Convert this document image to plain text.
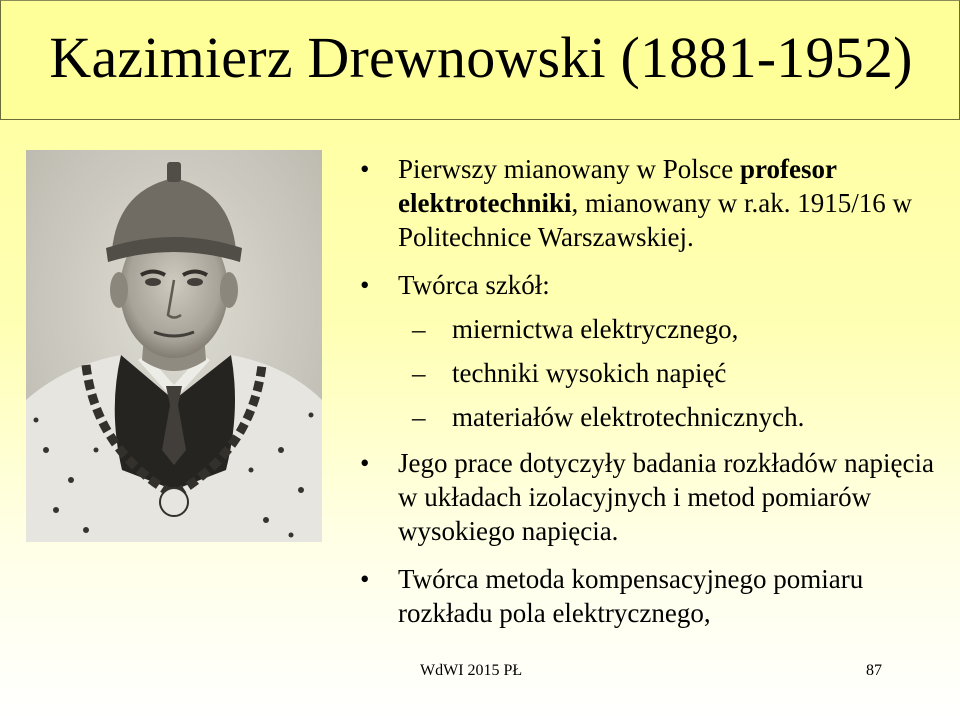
Kazimierz Drewnowski (1881-1952)
• Pierwszy mianowany w Polsce profesor elektrotechniki, mianowany w r.ak. 1915/16 w Politechnice Warszawskiej.
• Twórca szkół:
– miernictwa elektrycznego,
– techniki wysokich napięć
– materiałów elektrotechnicznych.
• Jego prace dotyczyły badania rozkładów napięcia w układach izolacyjnych i metod pomiarów wysokiego napięcia.
• Twórca metoda kompensacyjnego pomiaru rozkładu pola elektrycznego,
WdWI 2015 PŁ	87
